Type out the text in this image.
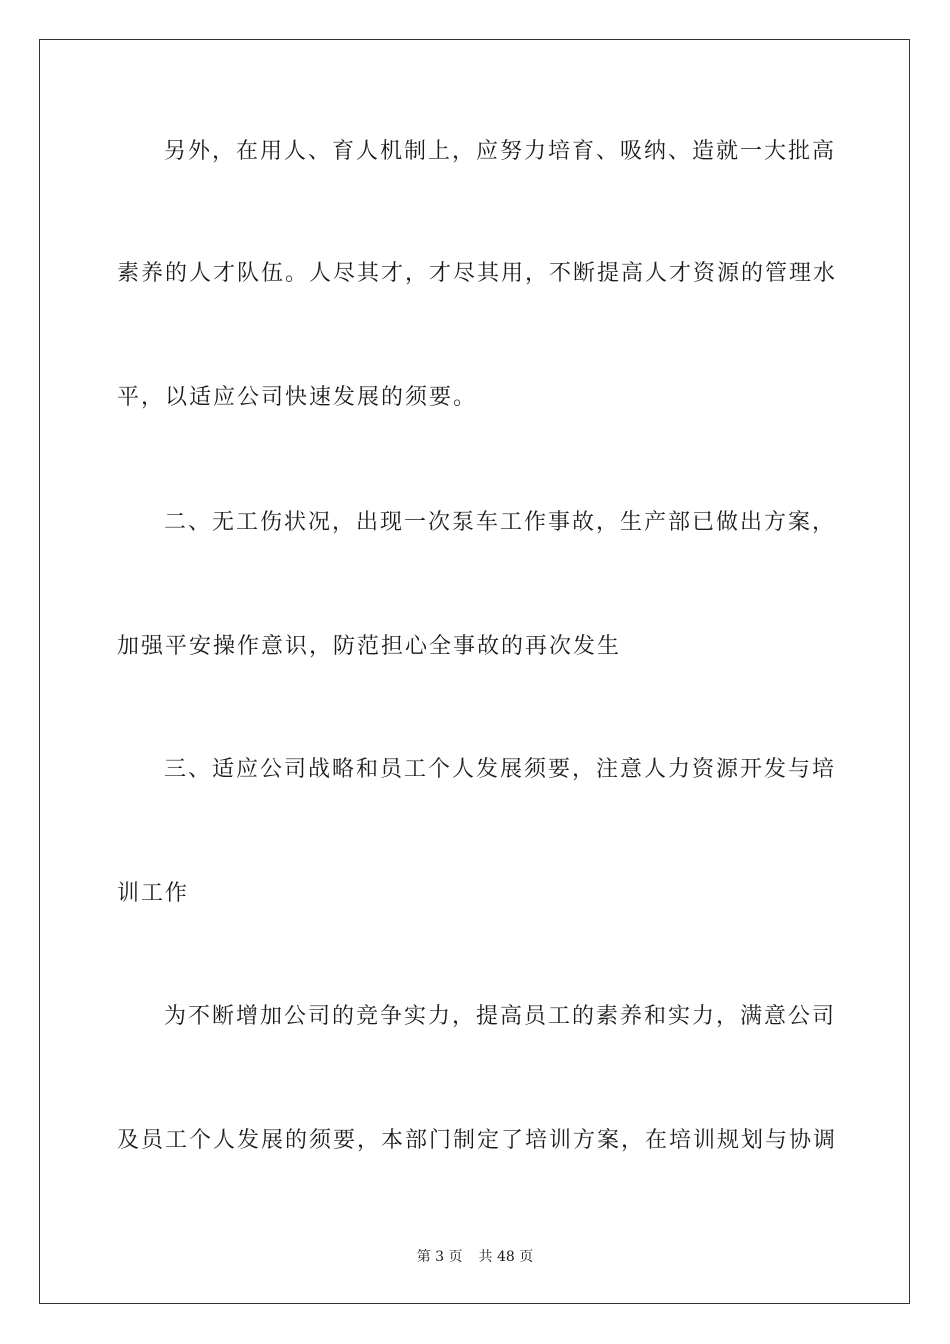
另外，在用人、育人机制上，应努力培育、吸纳、造就一大批高
素养的人才队伍。人尽其才，才尽其用，不断提高人才资源的管理水
平，以适应公司快速发展的须要。
二、无工伤状况，出现一次泵车工作事故，生产部已做出方案，
加强平安操作意识，防范担心全事故的再次发生
三、适应公司战略和员工个人发展须要，注意人力资源开发与培
训工作
为不断增加公司的竞争实力，提高员工的素养和实力，满意公司
及员工个人发展的须要，本部门制定了培训方案，在培训规划与协调
第 3 页 共 48 页
